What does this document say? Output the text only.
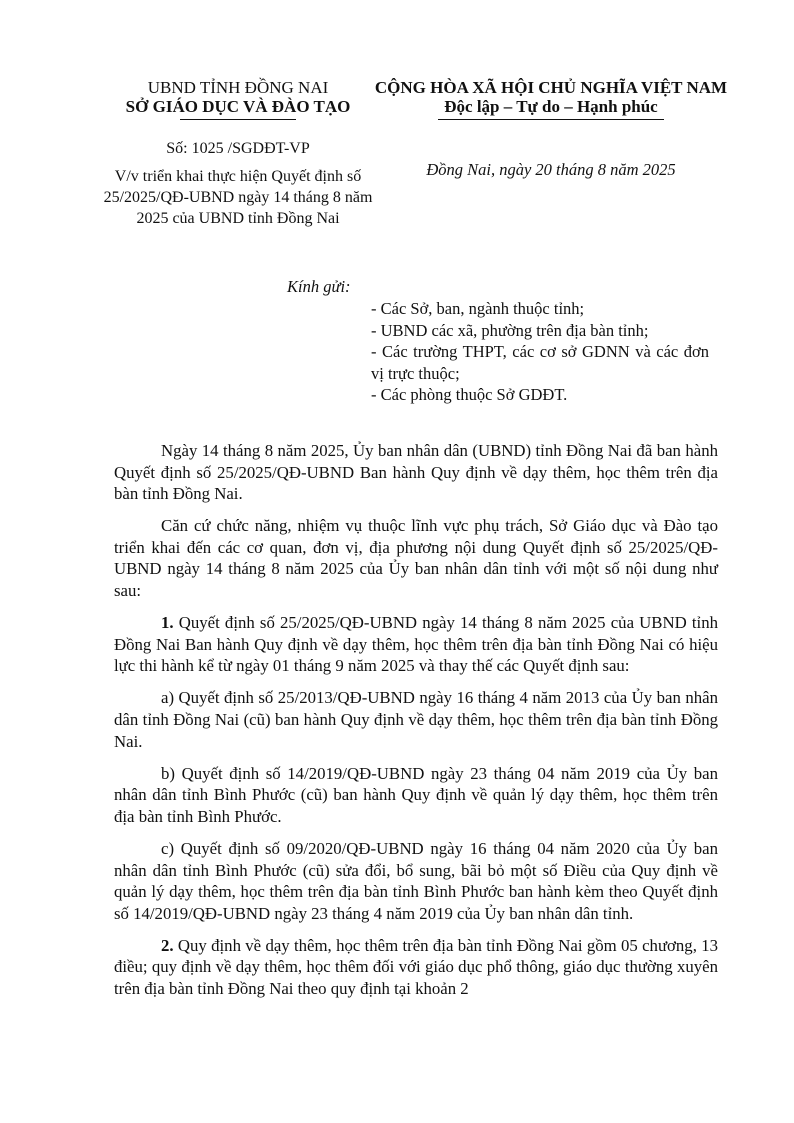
UBND TỈNH ĐỒNG NAI
SỞ GIÁO DỤC VÀ ĐÀO TẠO
Số: 1025 /SGDĐT-VP
V/v triển khai thực hiện Quyết định số 25/2025/QĐ-UBND ngày 14 tháng 8 năm 2025 của UBND tỉnh Đồng Nai
CỘNG HÒA XÃ HỘI CHỦ NGHĨA VIỆT NAM
Độc lập – Tự do – Hạnh phúc
Đồng Nai, ngày 20 tháng 8 năm 2025
Kính gửi:
- Các Sở, ban, ngành thuộc tỉnh;
- UBND các xã, phường trên địa bàn tỉnh;
- Các trường THPT, các cơ sở GDNN và các đơn vị trực thuộc;
- Các phòng thuộc Sở GDĐT.

Ngày 14 tháng 8 năm 2025, Ủy ban nhân dân (UBND) tỉnh Đồng Nai đã ban hành Quyết định số 25/2025/QĐ-UBND Ban hành Quy định về dạy thêm, học thêm trên địa bàn tỉnh Đồng Nai.

Căn cứ chức năng, nhiệm vụ thuộc lĩnh vực phụ trách, Sở Giáo dục và Đào tạo triển khai đến các cơ quan, đơn vị, địa phương nội dung Quyết định số 25/2025/QĐ-UBND ngày 14 tháng 8 năm 2025 của Ủy ban nhân dân tỉnh với một số nội dung như sau:

1. Quyết định số 25/2025/QĐ-UBND ngày 14 tháng 8 năm 2025 của UBND tỉnh Đồng Nai Ban hành Quy định về dạy thêm, học thêm trên địa bàn tỉnh Đồng Nai có hiệu lực thi hành kể từ ngày 01 tháng 9 năm 2025 và thay thế các Quyết định sau:

a) Quyết định số 25/2013/QĐ-UBND ngày 16 tháng 4 năm 2013 của Ủy ban nhân dân tỉnh Đồng Nai (cũ) ban hành Quy định về dạy thêm, học thêm trên địa bàn tỉnh Đồng Nai.

b) Quyết định số 14/2019/QĐ-UBND ngày 23 tháng 04 năm 2019 của Ủy ban nhân dân tỉnh Bình Phước (cũ) ban hành Quy định về quản lý dạy thêm, học thêm trên địa bàn tỉnh Bình Phước.

c) Quyết định số 09/2020/QĐ-UBND ngày 16 tháng 04 năm 2020 của Ủy ban nhân dân tỉnh Bình Phước (cũ) sửa đổi, bổ sung, bãi bỏ một số Điều của Quy định về quản lý dạy thêm, học thêm trên địa bàn tỉnh Bình Phước ban hành kèm theo Quyết định số 14/2019/QĐ-UBND ngày 23 tháng 4 năm 2019 của Ủy ban nhân dân tỉnh.

2. Quy định về dạy thêm, học thêm trên địa bàn tỉnh Đồng Nai gồm 05 chương, 13 điều; quy định về dạy thêm, học thêm đối với giáo dục phổ thông, giáo dục thường xuyên trên địa bàn tỉnh Đồng Nai theo quy định tại khoản 2
